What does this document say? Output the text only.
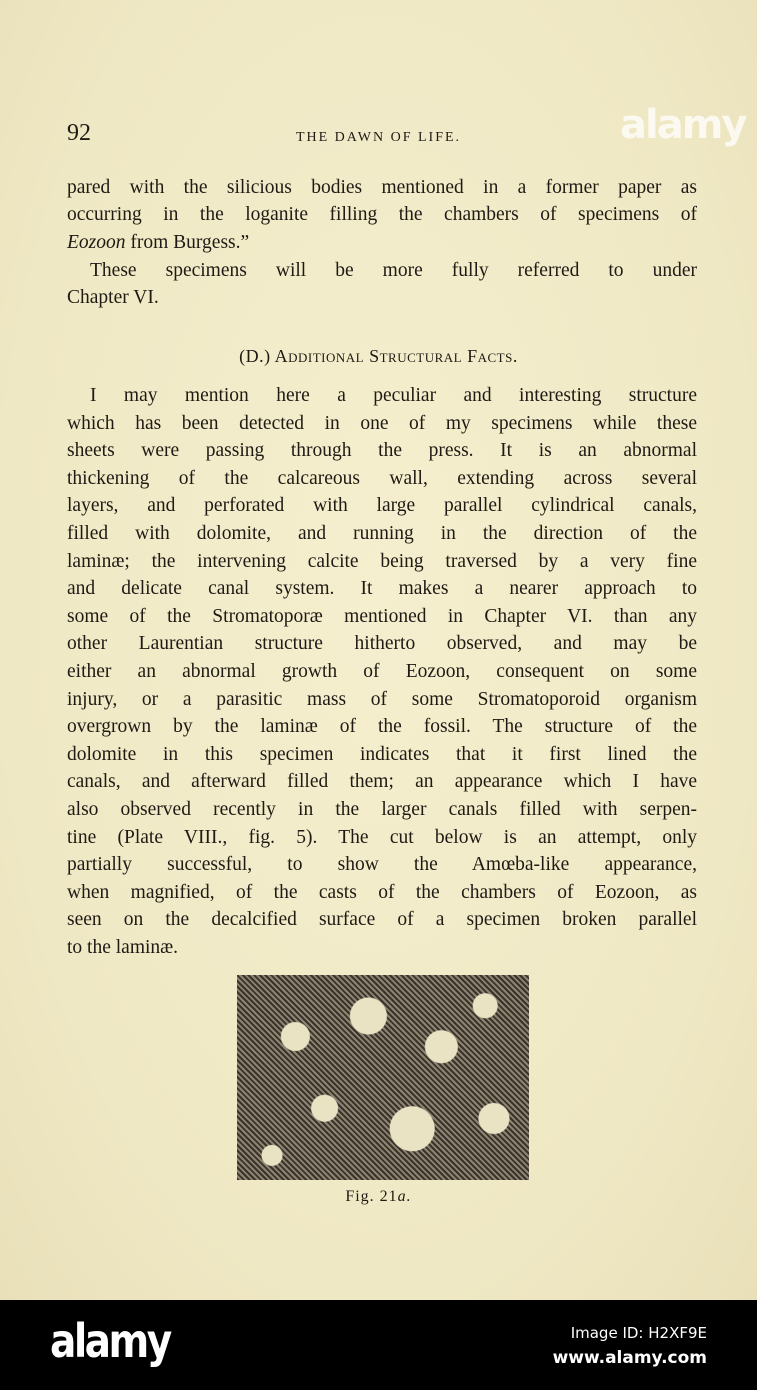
92	THE DAWN OF LIFE.
pared with the silicious bodies mentioned in a former paper as
occurring in the loganite filling the chambers of specimens of
Eozoon from Burgess.”
These specimens will be more fully referred to under
Chapter VI.
(D.) Additional Structural Facts.
I may mention here a peculiar and interesting structure
which has been detected in one of my specimens while these
sheets were passing through the press. It is an abnormal
thickening of the calcareous wall, extending across several
layers, and perforated with large parallel cylindrical canals,
filled with dolomite, and running in the direction of the
laminæ; the intervening calcite being traversed by a very fine
and delicate canal system. It makes a nearer approach to
some of the Stromatoporæ mentioned in Chapter VI. than any
other Laurentian structure hitherto observed, and may be
either an abnormal growth of Eozoon, consequent on some
injury, or a parasitic mass of some Stromatoporoid organism
overgrown by the laminæ of the fossil. The structure of the
dolomite in this specimen indicates that it first lined the
canals, and afterward filled them; an appearance which I have
also observed recently in the larger canals filled with serpen-
tine (Plate VIII., fig. 5). The cut below is an attempt, only
partially successful, to show the Amœba-like appearance,
when magnified, of the casts of the chambers of Eozoon, as
seen on the decalcified surface of a specimen broken parallel
to the laminæ.
Fig. 21a.
alamy
alamy	Image ID: H2XF9E
www.alamy.com
